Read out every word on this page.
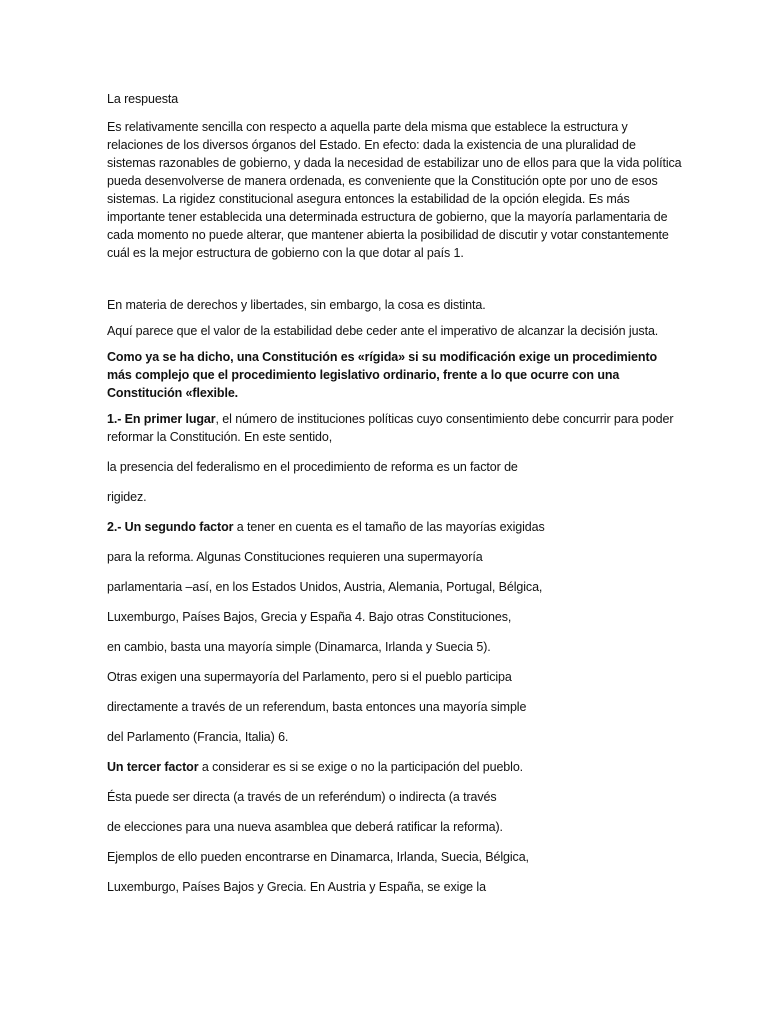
La respuesta

Es relativamente sencilla con respecto a aquella parte dela misma que establece la estructura y relaciones de los diversos órganos del Estado. En efecto: dada la existencia de una pluralidad de sistemas razonables de gobierno, y dada la necesidad de estabilizar uno de ellos para que la vida política pueda desenvolverse de manera ordenada, es conveniente que la Constitución opte por uno de esos sistemas. La rigidez constitucional asegura entonces la estabilidad de la opción elegida. Es más importante tener establecida una determinada estructura de gobierno, que la mayoría parlamentaria de cada momento no puede alterar, que mantener abierta la posibilidad de discutir y votar constantemente cuál es la mejor estructura de gobierno con la que dotar al país 1.

En materia de derechos y libertades, sin embargo, la cosa es distinta.

Aquí parece que el valor de la estabilidad debe ceder ante el imperativo de alcanzar la decisión justa.

Como ya se ha dicho, una Constitución es «rígida» si su modificación exige un procedimiento más complejo que el procedimiento legislativo ordinario, frente a lo que ocurre con una Constitución «flexible.

1.- En primer lugar, el número de instituciones políticas cuyo consentimiento debe concurrir para poder reformar la Constitución. En este sentido,

la presencia del federalismo en el procedimiento de reforma es un factor de

rigidez.

2.- Un segundo factor a tener en cuenta es el tamaño de las mayorías exigidas

para la reforma. Algunas Constituciones requieren una supermayoría

parlamentaria –así, en los Estados Unidos, Austria, Alemania, Portugal, Bélgica,

Luxemburgo, Países Bajos, Grecia y España 4. Bajo otras Constituciones,

en cambio, basta una mayoría simple (Dinamarca, Irlanda y Suecia 5).

Otras exigen una supermayoría del Parlamento, pero si el pueblo participa

directamente a través de un referendum, basta entonces una mayoría simple

del Parlamento (Francia, Italia) 6.

Un tercer factor a considerar es si se exige o no la participación del pueblo.

Ésta puede ser directa (a través de un referéndum) o indirecta (a través

de elecciones para una nueva asamblea que deberá ratificar la reforma).

Ejemplos de ello pueden encontrarse en Dinamarca, Irlanda, Suecia, Bélgica,

Luxemburgo, Países Bajos y Grecia. En Austria y España, se exige la
